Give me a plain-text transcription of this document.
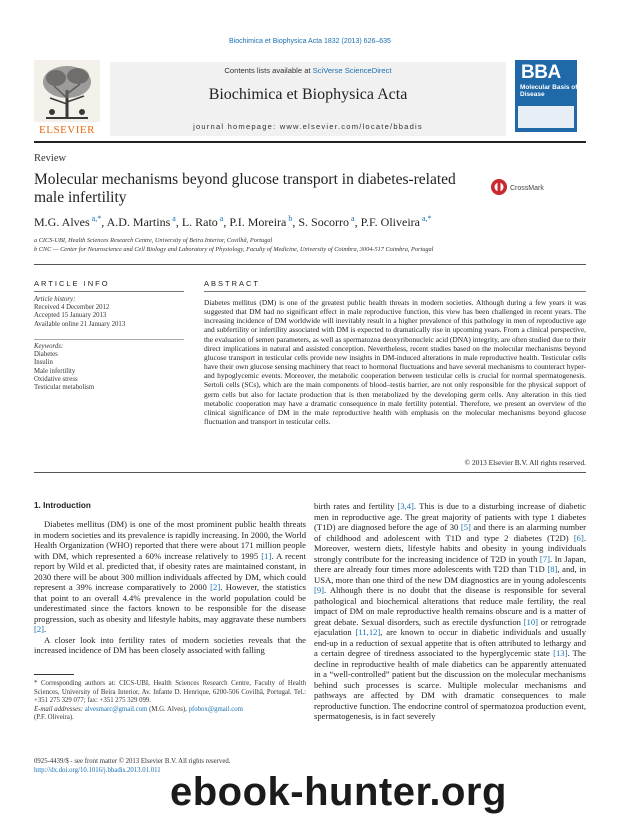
Biochimica et Biophysica Acta 1832 (2013) 626–635
Contents lists available at SciVerse ScienceDirect
Biochimica et Biophysica Acta
journal homepage: www.elsevier.com/locate/bbadis
ELSEVIER
BBA
Molecular Basis of Disease
Review
Molecular mechanisms beyond glucose transport in diabetes-related male infertility
CrossMark
M.G. Alves $^{a,*}$, A.D. Martins $^a$, L. Rato $^a$, P.I. Moreira $^b$, S. Socorro $^a$, P.F. Oliveira $^{a,*}$
a CICS-UBI, Health Sciences Research Centre, University of Beira Interior, Covilhã, Portugal
b CNC — Center for Neuroscience and Cell Biology and Laboratory of Physiology, Faculty of Medicine, University of Coimbra, 3004-517 Coimbra, Portugal
ARTICLE INFO
Article history:
Received 4 December 2012
Accepted 15 January 2013
Available online 21 January 2013
Keywords:
Diabetes
Insulin
Male infertility
Oxidative stress
Testicular metabolism
ABSTRACT
Diabetes mellitus (DM) is one of the greatest public health threats in modern societies. Although during a few years it was suggested that DM had no significant effect in male reproductive function, this view has been challenged in recent years. The increasing incidence of DM worldwide will inevitably result in a higher prevalence of this pathology in men of reproductive age and subfertility or infertility associated with DM is expected to dramatically rise in upcoming years. From a clinical perspective, the evaluation of semen parameters, as well as spermatozoa deoxyribonucleic acid (DNA) integrity, are often studied due to their direct implications in natural and assisted conception. Nevertheless, recent studies based on the molecular mechanisms beyond glucose transport in testicular cells provide new insights in DM-induced alterations in male reproductive health. Testicular cells have their own glucose sensing machinery that react to hormonal fluctuations and have several mechanisms to counteract hyper- and hypoglycemic events. Moreover, the metabolic cooperation between testicular cells is crucial for normal spermatogenesis. Sertoli cells (SCs), which are the main components of blood–testis barrier, are not only responsible for the physical support of germ cells but also for lactate production that is then metabolized by the developing germ cells. Any alteration in this tied metabolic cooperation may have a dramatic consequence in male fertility potential. Therefore, we present an overview of the clinical significance of DM in the male reproductive health with emphasis on the molecular mechanisms beyond glucose fluctuation and transport in testicular cells.
© 2013 Elsevier B.V. All rights reserved.
1. Introduction

Diabetes mellitus (DM) is one of the most prominent public health threats in modern societies and its prevalence is rapidly increasing. In 2000, the World Health Organization (WHO) reported that there were about 171 million people with DM, which represented a 60% increase relatively to 1995 [1]. A recent report by Wild et al. predicted that, if obesity rates are maintained constant, in 2030 there will be about 300 million individuals affected by DM, which could represent a 39% increase comparatively to 2000 [2]. However, the statistics that point to an overall 4.4% prevalence in the world population could be underestimated since the factors known to be responsible for the disease progression, such as obesity and lifestyle habits, may aggravate these numbers [2].

A closer look into fertility rates of modern societies reveals that the increased incidence of DM has been closely associated with falling

birth rates and fertility [3,4]. This is due to a disturbing increase of diabetic men in reproductive age. The great majority of patients with type 1 diabetes (T1D) are diagnosed before the age of 30 [5] and there is an alarming number of childhood and adolescent with T1D and type 2 diabetes (T2D) [6]. Moreover, western diets, lifestyle habits and obesity in young individuals strongly contribute for the increasing incidence of T2D in youth [7]. In Japan, there are already four times more adolescents with T2D than T1D [8], and, in USA, more than one third of the new DM diagnostics are in young adolescents [9]. Although there is no doubt that the disease is responsible for several pathological and biochemical alterations that reduce male fertility, the real impact of DM on male reproductive health remains obscure and is a matter of great debate. Sexual disorders, such as erectile dysfunction [10] or retrograde ejaculation [11,12], are known to occur in diabetic individuals and usually end-up in a reduction of sexual appetite that is often attributed to lethargy and a certain degree of tiredness associated to the hyperglycemic state [13]. The decline in reproductive health of male diabetics can be apparently attenuated in a “well-controlled” patient but the discussion on the molecular mechanisms behind such processes is scarce. Multiple molecular mechanisms and pathways are affected by DM with dramatic consequences to male reproductive function. The endocrine control of spermatozoa production event, spermatogenesis, is in fact severely

* Corresponding authors at: CICS-UBI, Health Sciences Research Centre, Faculty of Health Sciences, University of Beira Interior, Av. Infante D. Henrique, 6200-506 Covilhã, Portugal. Tel.: +351 275 329 077; fax: +351 275 329 099.
E-mail addresses: alvesmarc@gmail.com (M.G. Alves), pfobox@gmail.com
(P.F. Oliveira).
0925-4439/$ - see front matter © 2013 Elsevier B.V. All rights reserved.
http://dx.doi.org/10.1016/j.bbadis.2013.01.011 ebook-hunter.org
